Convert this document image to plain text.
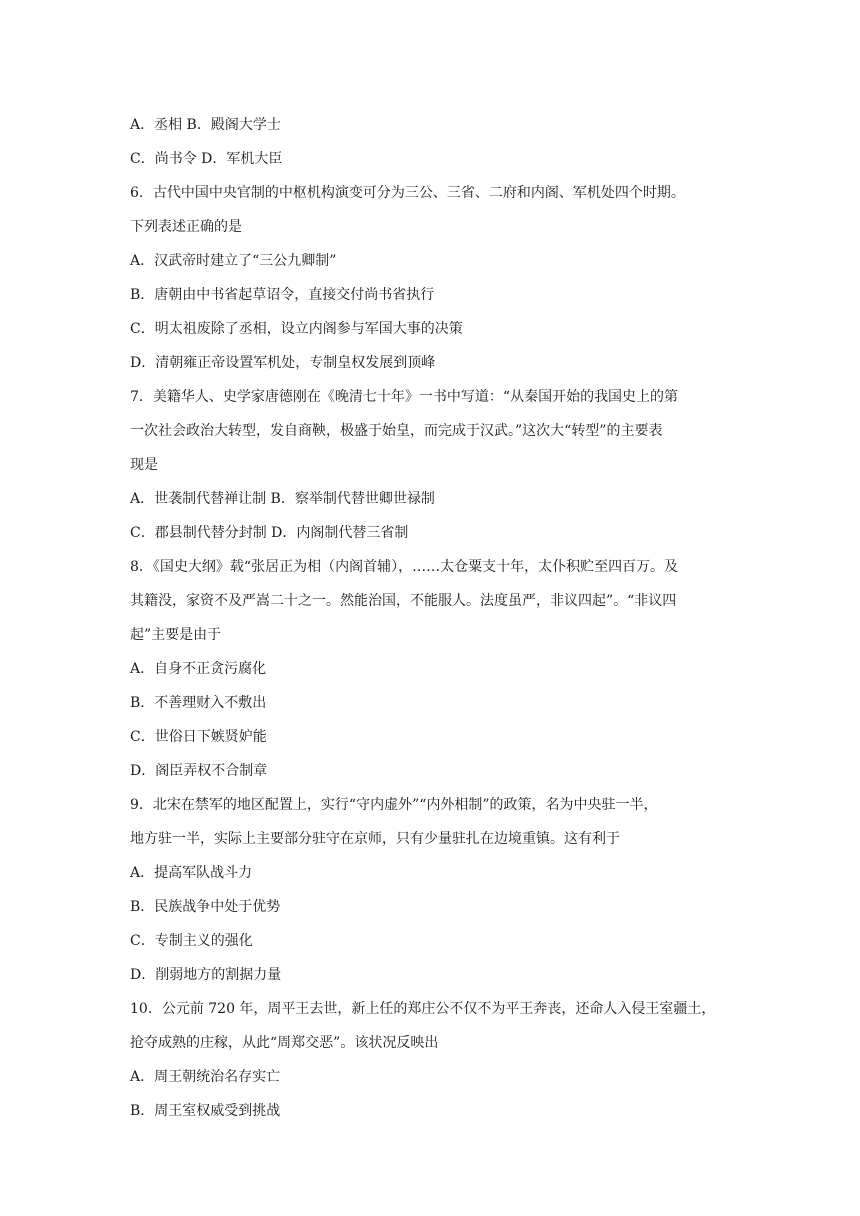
A．丞相 B．殿阁大学士
C．尚书令 D．军机大臣
6．古代中国中央官制的中枢机构演变可分为三公、三省、二府和内阁、军机处四个时期。
下列表述正确的是
A．汉武帝时建立了“三公九卿制”
B．唐朝由中书省起草诏令，直接交付尚书省执行
C．明太祖废除了丞相，设立内阁参与军国大事的决策
D．清朝雍正帝设置军机处，专制皇权发展到顶峰
7．美籍华人、史学家唐德刚在《晚清七十年》一书中写道：“从秦国开始的我国史上的第
一次社会政治大转型，发自商鞅，极盛于始皇，而完成于汉武。”这次大“转型”的主要表
现是
A．世袭制代替禅让制 B．察举制代替世卿世禄制
C．郡县制代替分封制 D．内阁制代替三省制
8．《国史大纲》载“张居正为相（内阁首辅），……太仓粟支十年，太仆积贮至四百万。及
其籍没，家资不及严嵩二十之一。然能治国，不能服人。法度虽严，非议四起”。“非议四
起”主要是由于
A．自身不正贪污腐化
B．不善理财入不敷出
C．世俗日下嫉贤妒能
D．阁臣弄权不合制章
9．北宋在禁军的地区配置上，实行“守内虚外”“内外相制”的政策，名为中央驻一半，
地方驻一半，实际上主要部分驻守在京师，只有少量驻扎在边境重镇。这有利于
A．提高军队战斗力
B．民族战争中处于优势
C．专制主义的强化
D．削弱地方的割据力量
10．公元前 720 年，周平王去世，新上任的郑庄公不仅不为平王奔丧，还命人入侵王室疆土，
抢夺成熟的庄稼，从此“周郑交恶”。该状况反映出
A．周王朝统治名存实亡
B．周王室权威受到挑战
